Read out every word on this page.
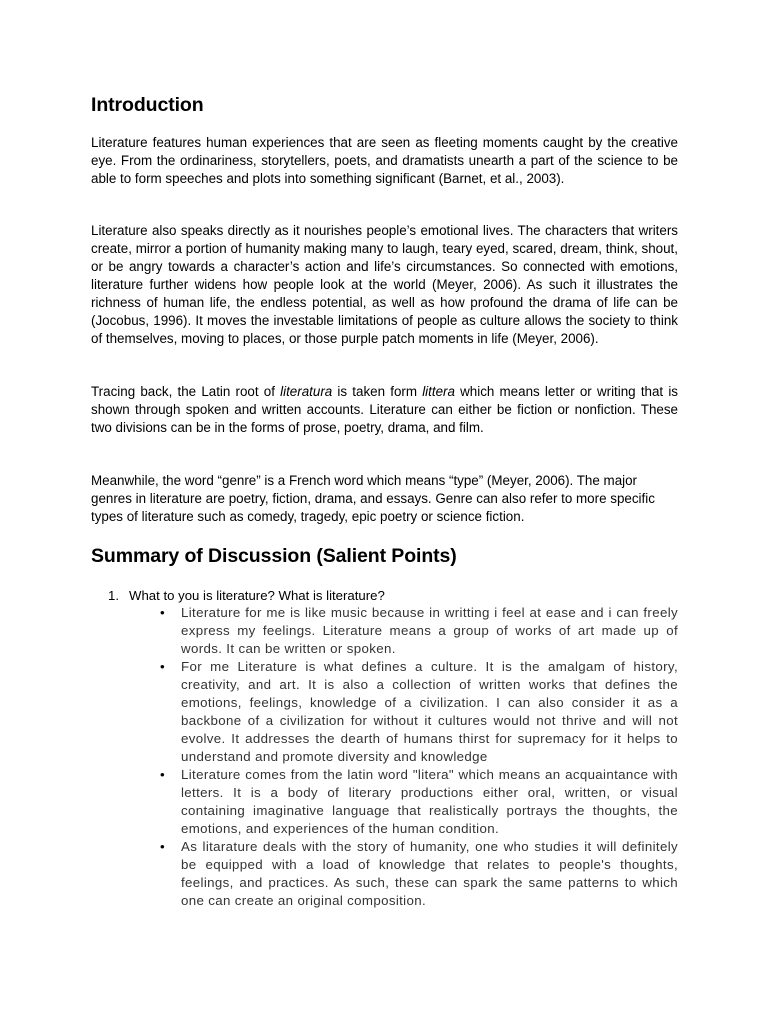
Introduction

Literature features human experiences that are seen as fleeting moments caught by the creative eye. From the ordinariness, storytellers, poets, and dramatists unearth a part of the science to be able to form speeches and plots into something significant (Barnet, et al., 2003).

Literature also speaks directly as it nourishes people’s emotional lives. The characters that writers create, mirror a portion of humanity making many to laugh, teary eyed, scared, dream, think, shout, or be angry towards a character’s action and life’s circumstances. So connected with emotions, literature further widens how people look at the world (Meyer, 2006). As such it illustrates the richness of human life, the endless potential, as well as how profound the drama of life can be (Jocobus, 1996). It moves the investable limitations of people as culture allows the society to think of themselves, moving to places, or those purple patch moments in life (Meyer, 2006).

Tracing back, the Latin root of literatura is taken form littera which means letter or writing that is shown through spoken and written accounts. Literature can either be fiction or nonfiction. These two divisions can be in the forms of prose, poetry, drama, and film.

Meanwhile, the word “genre” is a French word which means “type” (Meyer, 2006). The major genres in literature are poetry, fiction, drama, and essays. Genre can also refer to more specific types of literature such as comedy, tragedy, epic poetry or science fiction.

Summary of Discussion (Salient Points)
1. What to you is literature? What is literature?
•	Literature for me is like music because in writting i feel at ease and i can freely express my feelings. Literature means a group of works of art made up of words. It can be written or spoken.
•	For me Literature is what defines a culture. It is the amalgam of history, creativity, and art. It is also a collection of written works that defines the emotions, feelings, knowledge of a civilization. I can also consider it as a backbone of a civilization for without it cultures would not thrive and will not evolve. It addresses the dearth of humans thirst for supremacy for it helps to understand and promote diversity and knowledge
•	Literature comes from the latin word "litera" which means an acquaintance with letters. It is a body of literary productions either oral, written, or visual containing imaginative language that realistically portrays the thoughts, the emotions, and experiences of the human condition.
•	As litarature deals with the story of humanity, one who studies it will definitely be equipped with a load of knowledge that relates to people's thoughts, feelings, and practices. As such, these can spark the same patterns to which one can create an original composition.
